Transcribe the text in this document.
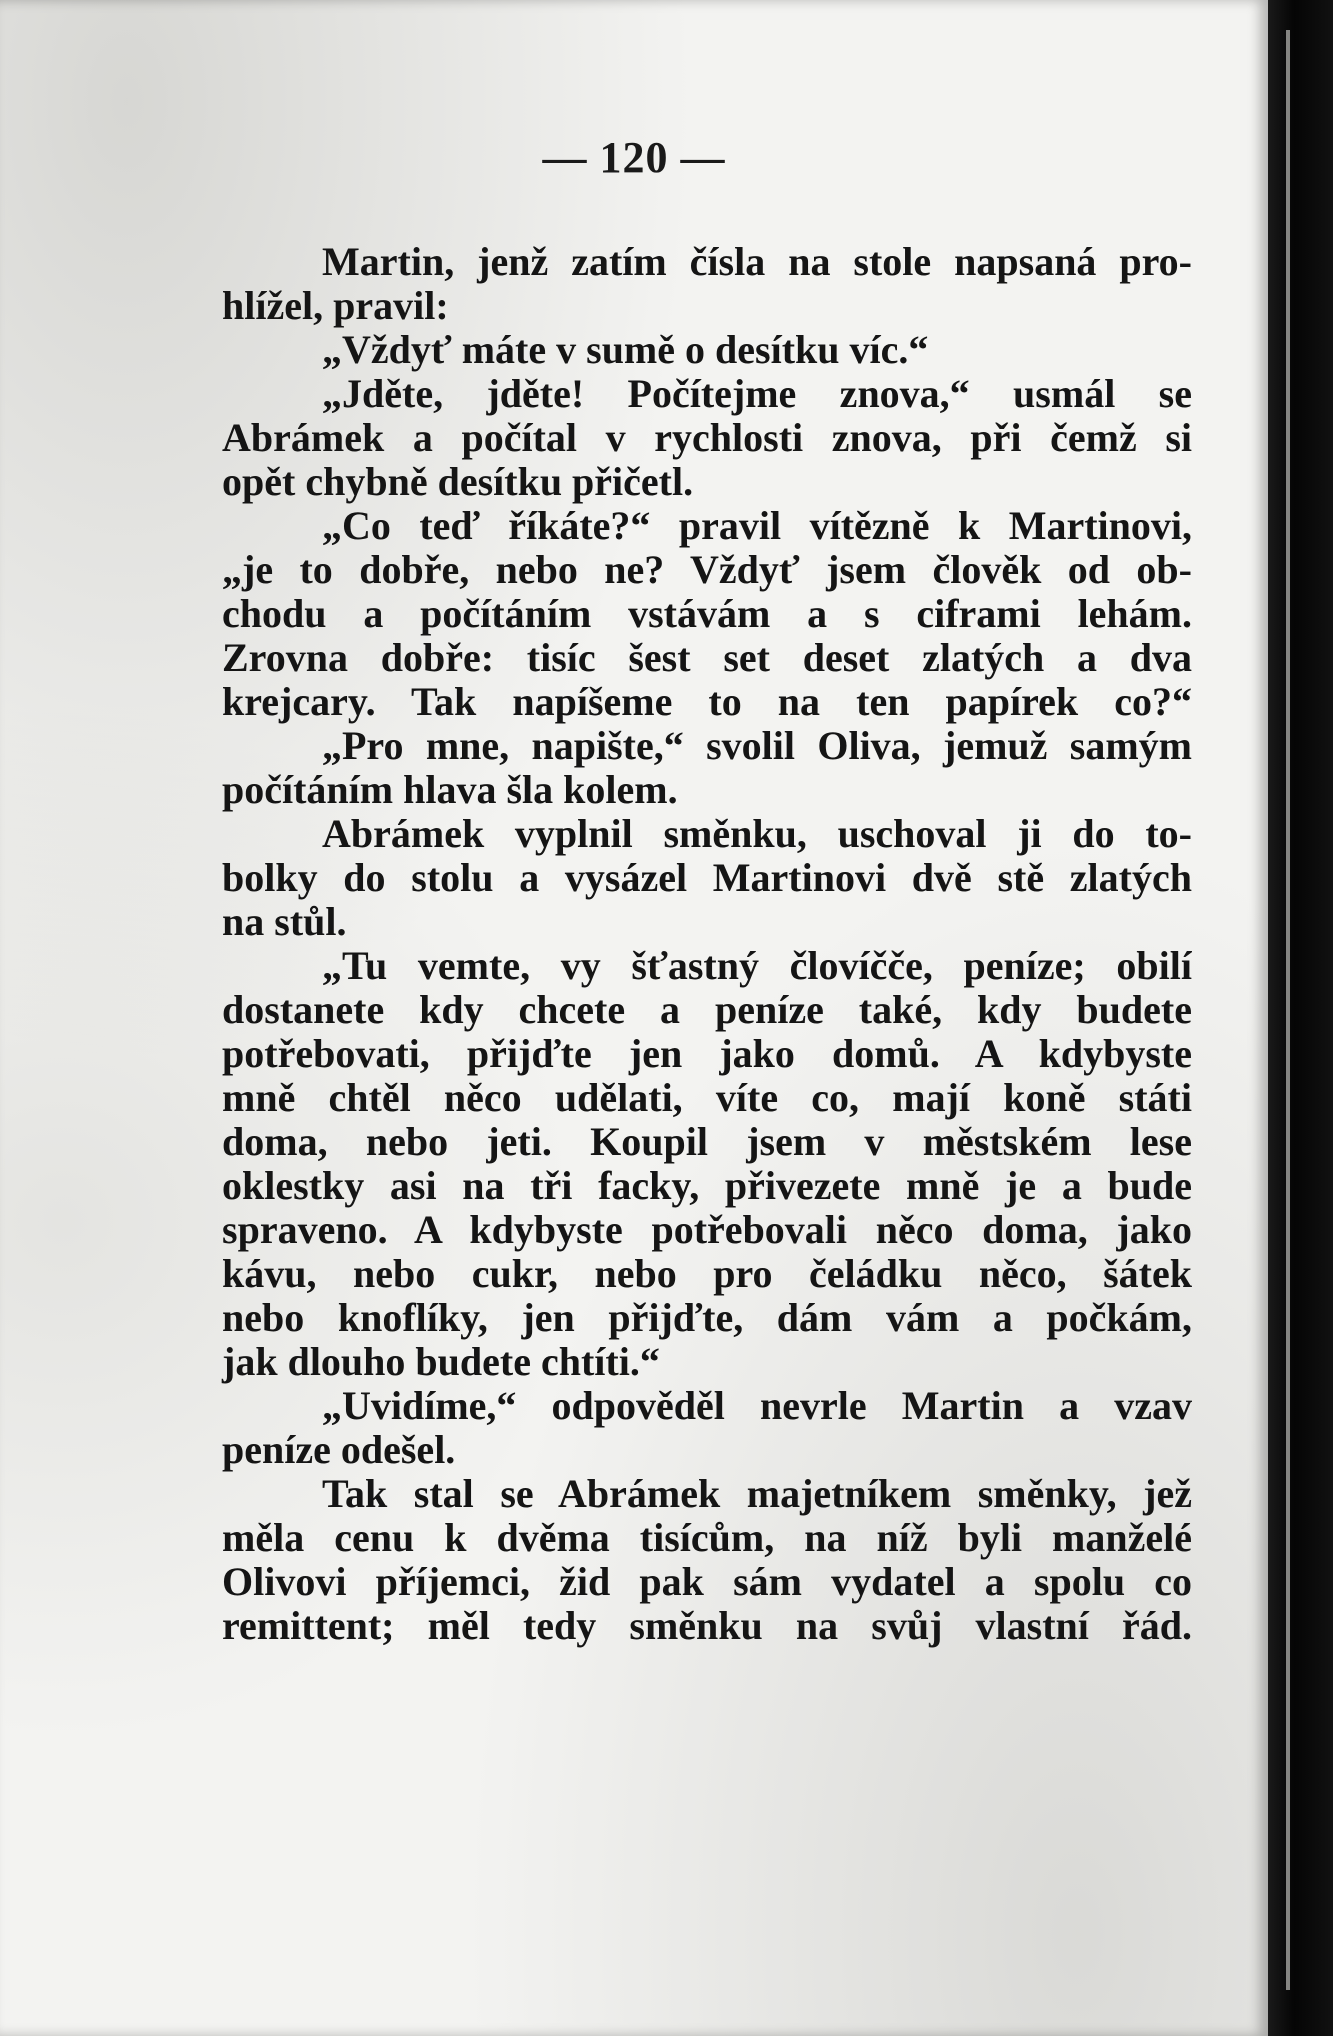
— 120 —
Martin, jenž zatím čísla na stole napsaná pro-
hlížel, pravil:
„Vždyť máte v sumě o desítku víc.“
„Jděte, jděte! Počítejme znova,“ usmál se
Abrámek a počítal v rychlosti znova, při čemž si
opět chybně desítku přičetl.
„Co teď říkáte?“ pravil vítězně k Martinovi,
„je to dobře, nebo ne? Vždyť jsem člověk od ob-
chodu a počítáním vstávám a s ciframi lehám.
Zrovna dobře: tisíc šest set deset zlatých a dva
krejcary. Tak napíšeme to na ten papírek co?“
„Pro mne, napište,“ svolil Oliva, jemuž samým
počítáním hlava šla kolem.
Abrámek vyplnil směnku, uschoval ji do to-
bolky do stolu a vysázel Martinovi dvě stě zlatých
na stůl.
„Tu vemte, vy šťastný človíčče, peníze; obilí
dostanete kdy chcete a peníze také, kdy budete
potřebovati, přijďte jen jako domů. A kdybyste
mně chtěl něco udělati, víte co, mají koně státi
doma, nebo jeti. Koupil jsem v městském lese
oklestky asi na tři facky, přivezete mně je a bude
spraveno. A kdybyste potřebovali něco doma, jako
kávu, nebo cukr, nebo pro čeládku něco, šátek
nebo knoflíky, jen přijďte, dám vám a počkám,
jak dlouho budete chtíti.“
„Uvidíme,“ odpověděl nevrle Martin a vzav
peníze odešel.
Tak stal se Abrámek majetníkem směnky, jež
měla cenu k dvěma tisícům, na níž byli manželé
Olivovi příjemci, žid pak sám vydatel a spolu co
remittent; měl tedy směnku na svůj vlastní řád.
